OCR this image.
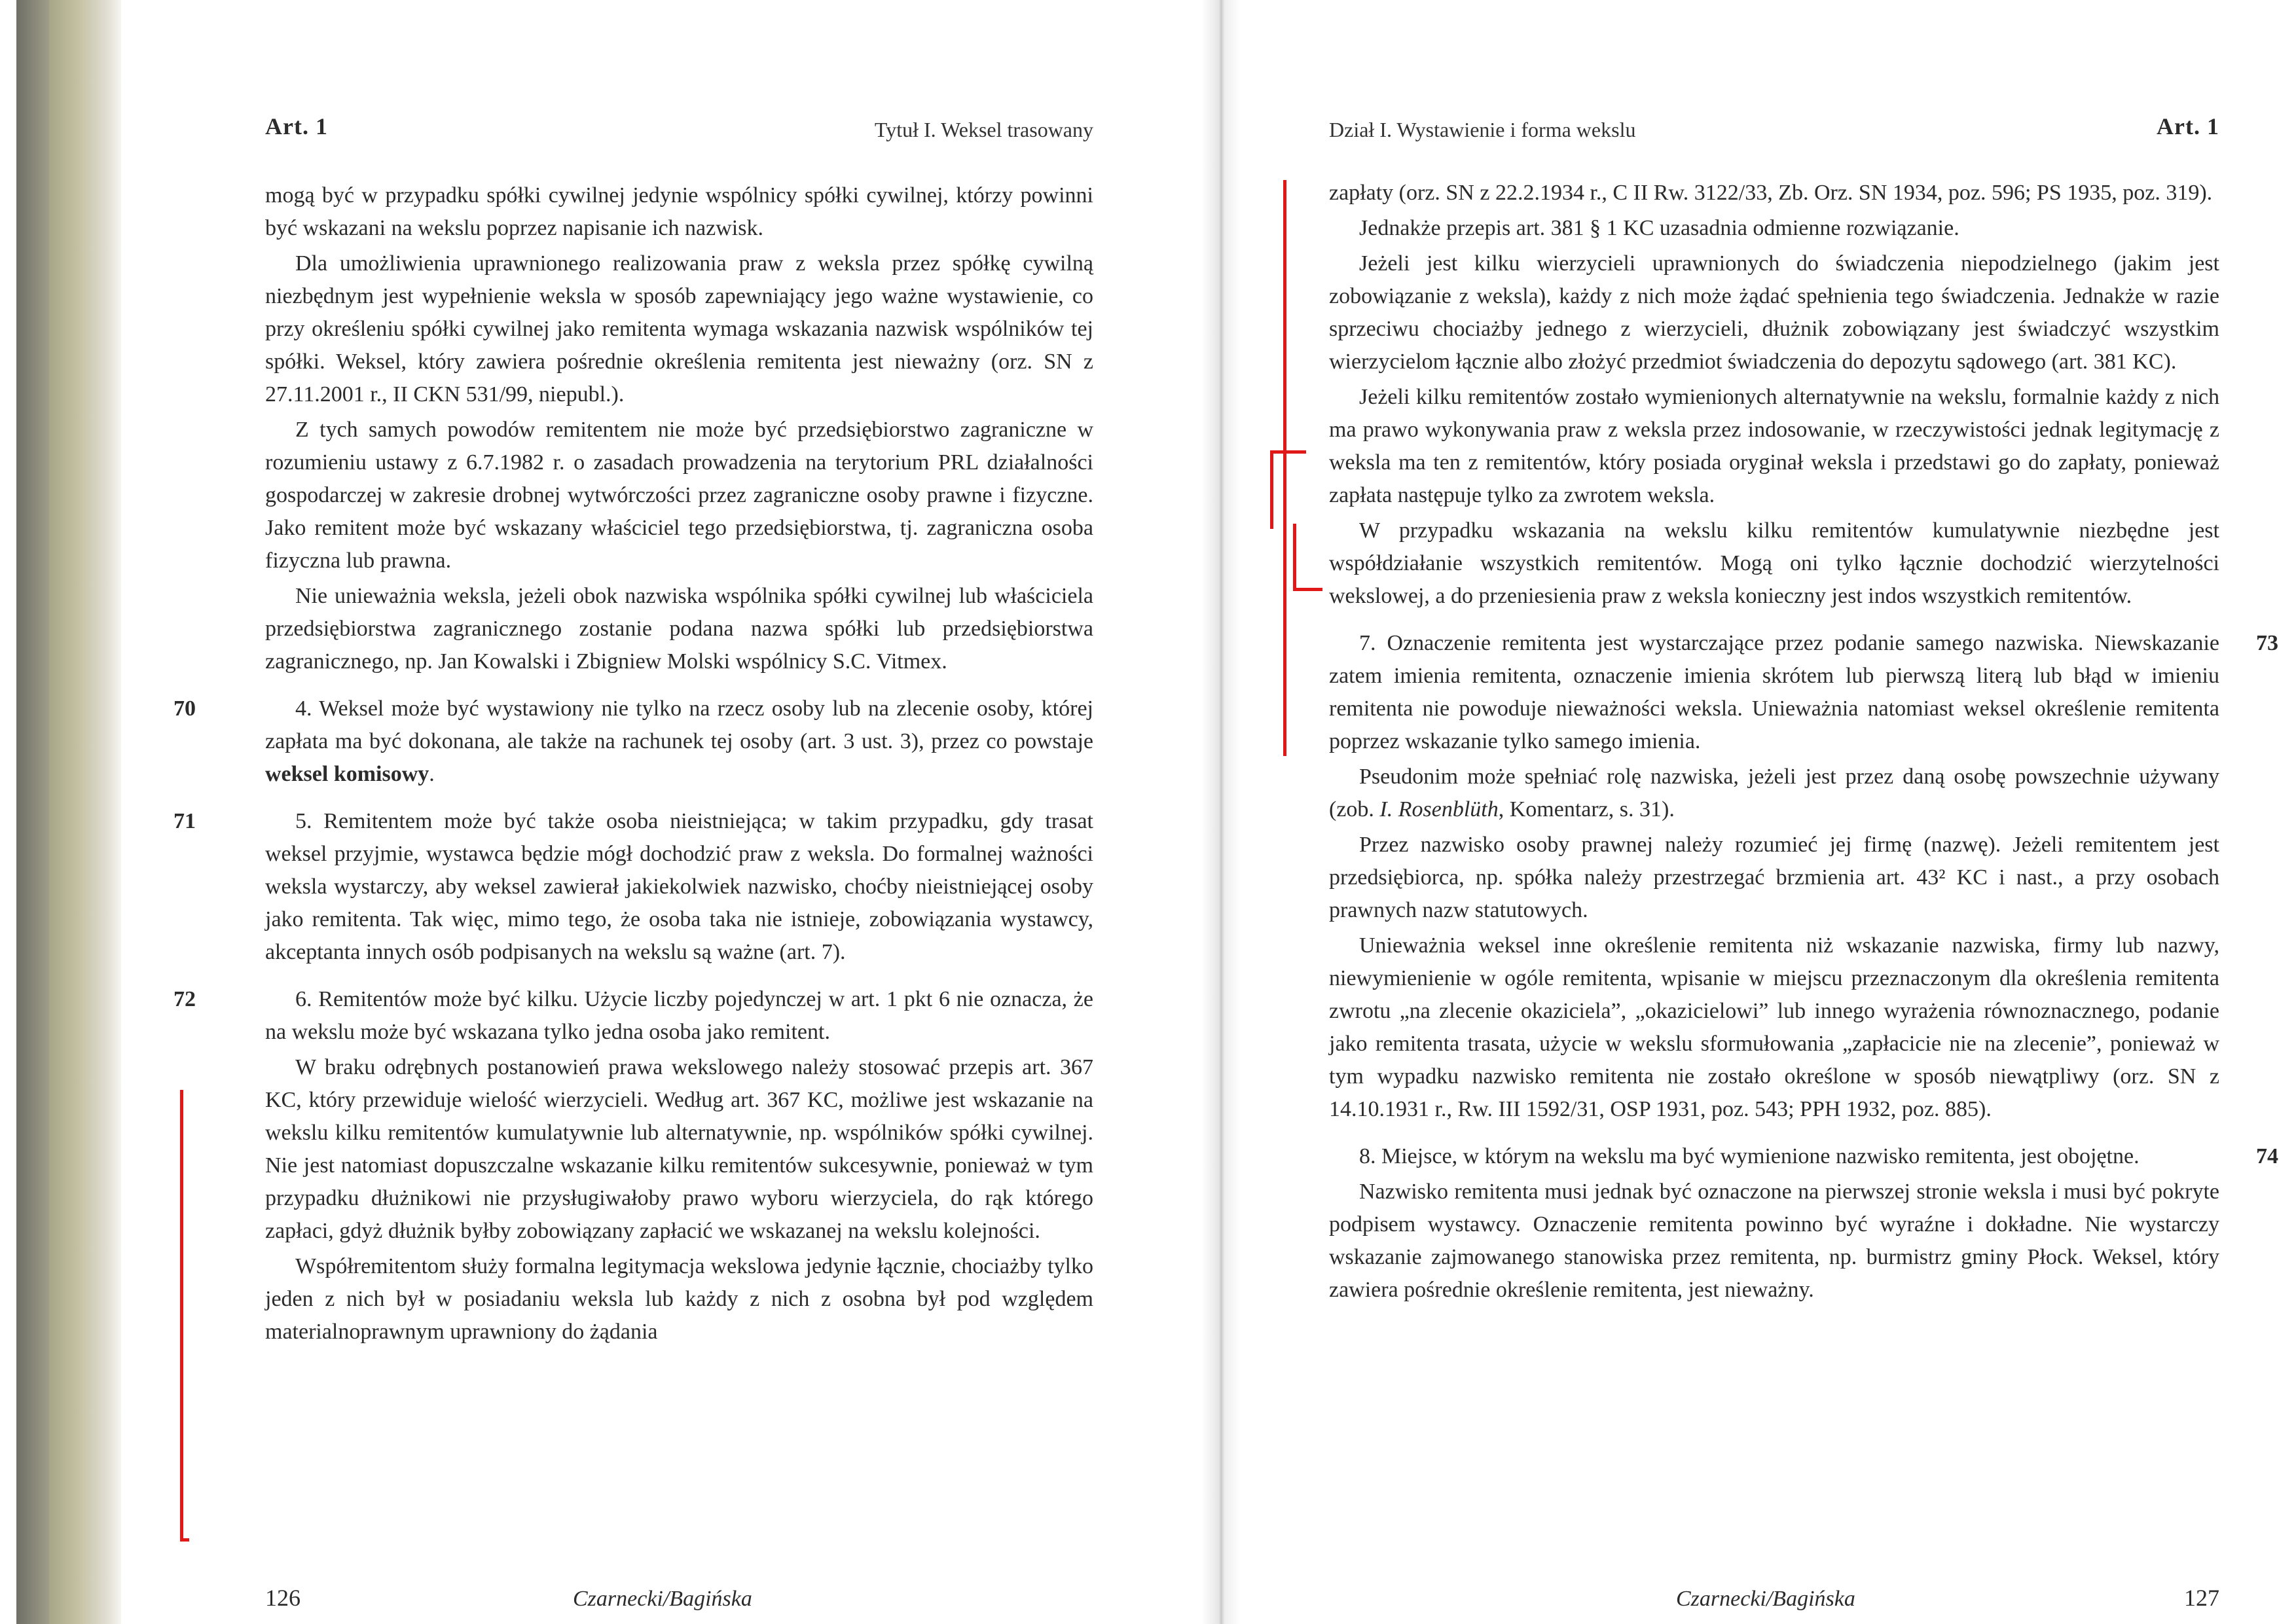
Art. 1	Tytuł I. Weksel trasowany

mogą być w przypadku spółki cywilnej jedynie wspólnicy spółki cywilnej, którzy powinni być wskazani na wekslu poprzez napisanie ich nazwisk.

Dla umożliwienia uprawnionego realizowania praw z weksla przez spółkę cywilną niezbędnym jest wypełnienie weksla w sposób zapewniający jego ważne wystawienie, co przy określeniu spółki cywilnej jako remitenta wymaga wskazania nazwisk wspólników tej spółki. Weksel, który zawiera pośrednie określenia remitenta jest nieważny (orz. SN z 27.11.2001 r., II CKN 531/99, niepubl.).

Z tych samych powodów remitentem nie może być przedsiębiorstwo zagraniczne w rozumieniu ustawy z 6.7.1982 r. o zasadach prowadzenia na terytorium PRL działalności gospodarczej w zakresie drobnej wytwórczości przez zagraniczne osoby prawne i fizyczne. Jako remitent może być wskazany właściciel tego przedsiębiorstwa, tj. zagraniczna osoba fizyczna lub prawna.

Nie unieważnia weksla, jeżeli obok nazwiska wspólnika spółki cywilnej lub właściciela przedsiębiorstwa zagranicznego zostanie podana nazwa spółki lub przedsiębiorstwa zagranicznego, np. Jan Kowalski i Zbigniew Molski wspólnicy S.C. Vitmex.

70	4. Weksel może być wystawiony nie tylko na rzecz osoby lub na zlecenie osoby, której zapłata ma być dokonana, ale także na rachunek tej osoby (art. 3 ust. 3), przez co powstaje weksel komisowy.

71	5. Remitentem może być także osoba nieistniejąca; w takim przypadku, gdy trasat weksel przyjmie, wystawca będzie mógł dochodzić praw z weksla. Do formalnej ważności weksla wystarczy, aby weksel zawierał jakiekolwiek nazwisko, choćby nieistniejącej osoby jako remitenta. Tak więc, mimo tego, że osoba taka nie istnieje, zobowiązania wystawcy, akceptanta innych osób podpisanych na wekslu są ważne (art. 7).

72	6. Remitentów może być kilku. Użycie liczby pojedynczej w art. 1 pkt 6 nie oznacza, że na wekslu może być wskazana tylko jedna osoba jako remitent.

W braku odrębnych postanowień prawa wekslowego należy stosować przepis art. 367 KC, który przewiduje wielość wierzycieli. Według art. 367 KC, możliwe jest wskazanie na wekslu kilku remitentów kumulatywnie lub alternatywnie, np. wspólników spółki cywilnej. Nie jest natomiast dopuszczalne wskazanie kilku remitentów sukcesywnie, ponieważ w tym przypadku dłużnikowi nie przysługiwałoby prawo wyboru wierzyciela, do rąk którego zapłaci, gdyż dłużnik byłby zobowiązany zapłacić we wskazanej na wekslu kolejności.

Współremitentom służy formalna legitymacja wekslowa jedynie łącznie, chociażby tylko jeden z nich był w posiadaniu weksla lub każdy z nich z osobna był pod względem materialnoprawnym uprawniony do żądania

126	Czarnecki/Bagińska
Dział I. Wystawienie i forma wekslu	Art. 1

zapłaty (orz. SN z 22.2.1934 r., C II Rw. 3122/33, Zb. Orz. SN 1934, poz. 596; PS 1935, poz. 319).

Jednakże przepis art. 381 § 1 KC uzasadnia odmienne rozwiązanie.

Jeżeli jest kilku wierzycieli uprawnionych do świadczenia niepodzielnego (jakim jest zobowiązanie z weksla), każdy z nich może żądać spełnienia tego świadczenia. Jednakże w razie sprzeciwu chociażby jednego z wierzycieli, dłużnik zobowiązany jest świadczyć wszystkim wierzycielom łącznie albo złożyć przedmiot świadczenia do depozytu sądowego (art. 381 KC).

Jeżeli kilku remitentów zostało wymienionych alternatywnie na wekslu, formalnie każdy z nich ma prawo wykonywania praw z weksla przez indosowanie, w rzeczywistości jednak legitymację z weksla ma ten z remitentów, który posiada oryginał weksla i przedstawi go do zapłaty, ponieważ zapłata następuje tylko za zwrotem weksla.

W przypadku wskazania na wekslu kilku remitentów kumulatywnie niezbędne jest współdziałanie wszystkich remitentów. Mogą oni tylko łącznie dochodzić wierzytelności wekslowej, a do przeniesienia praw z weksla konieczny jest indos wszystkich remitentów.

73
7. Oznaczenie remitenta jest wystarczające przez podanie samego nazwiska. Niewskazanie zatem imienia remitenta, oznaczenie imienia skrótem lub pierwszą literą lub błąd w imieniu remitenta nie powoduje nieważności weksla. Unieważnia natomiast weksel określenie remitenta poprzez wskazanie tylko samego imienia.

Pseudonim może spełniać rolę nazwiska, jeżeli jest przez daną osobę powszechnie używany (zob. I. Rosenblüth, Komentarz, s. 31).

Przez nazwisko osoby prawnej należy rozumieć jej firmę (nazwę). Jeżeli remitentem jest przedsiębiorca, np. spółka należy przestrzegać brzmienia art. 43² KC i nast., a przy osobach prawnych nazw statutowych.

Unieważnia weksel inne określenie remitenta niż wskazanie nazwiska, firmy lub nazwy, niewymienienie w ogóle remitenta, wpisanie w miejscu przeznaczonym dla określenia remitenta zwrotu „na zlecenie okaziciela”, „okazicielowi” lub innego wyrażenia równoznacznego, podanie jako remitenta trasata, użycie w wekslu sformułowania „zapłacicie nie na zlecenie”, ponieważ w tym wypadku nazwisko remitenta nie zostało określone w sposób niewątpliwy (orz. SN z 14.10.1931 r., Rw. III 1592/31, OSP 1931, poz. 543; PPH 1932, poz. 885).

74
8. Miejsce, w którym na wekslu ma być wymienione nazwisko remitenta, jest obojętne.

Nazwisko remitenta musi jednak być oznaczone na pierwszej stronie weksla i musi być pokryte podpisem wystawcy. Oznaczenie remitenta powinno być wyraźne i dokładne. Nie wystarczy wskazanie zajmowanego stanowiska przez remitenta, np. burmistrz gminy Płock. Weksel, który zawiera pośrednie określenie remitenta, jest nieważny.

Czarnecki/Bagińska	127
